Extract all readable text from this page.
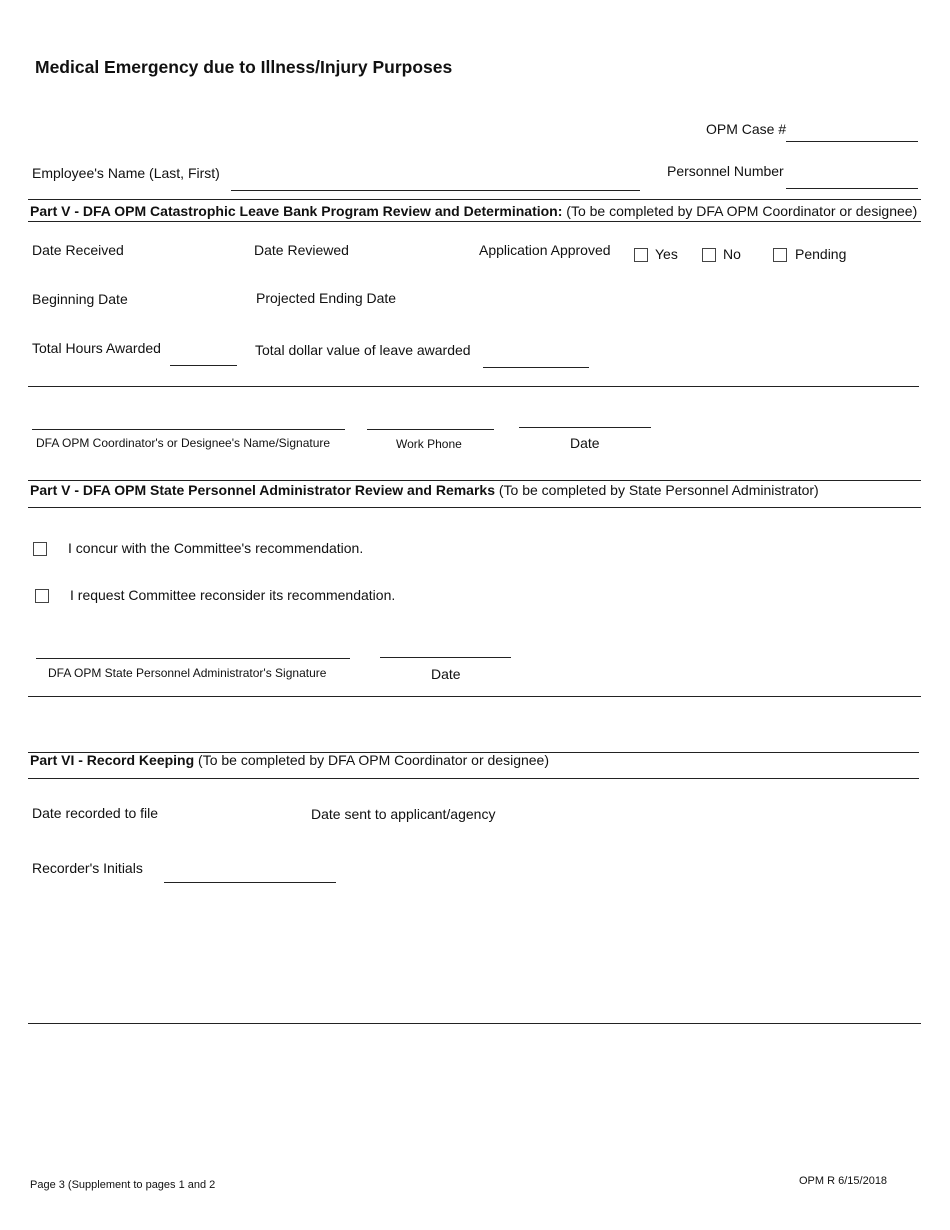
Medical Emergency due to Illness/Injury Purposes
OPM Case #
Employee's Name (Last, First)	Personnel Number
Part V - DFA OPM Catastrophic Leave Bank Program Review and Determination: (To be completed by DFA OPM Coordinator or designee)
Date Received	Date Reviewed	Application Approved	Yes	No	Pending
Beginning Date	Projected Ending Date
Total Hours Awarded	Total dollar value of leave awarded
DFA OPM Coordinator's or Designee's Name/Signature	Work Phone	Date
Part V - DFA OPM State Personnel Administrator Review and Remarks (To be completed by State Personnel Administrator)
I concur with the Committee's recommendation.
I request Committee reconsider its recommendation.
DFA OPM State Personnel Administrator's Signature	Date
Part VI - Record Keeping (To be completed by DFA OPM Coordinator or designee)
Date recorded to file	Date sent to applicant/agency
Recorder's Initials
Page 3 (Supplement to pages 1 and 2	OPM R 6/15/2018
